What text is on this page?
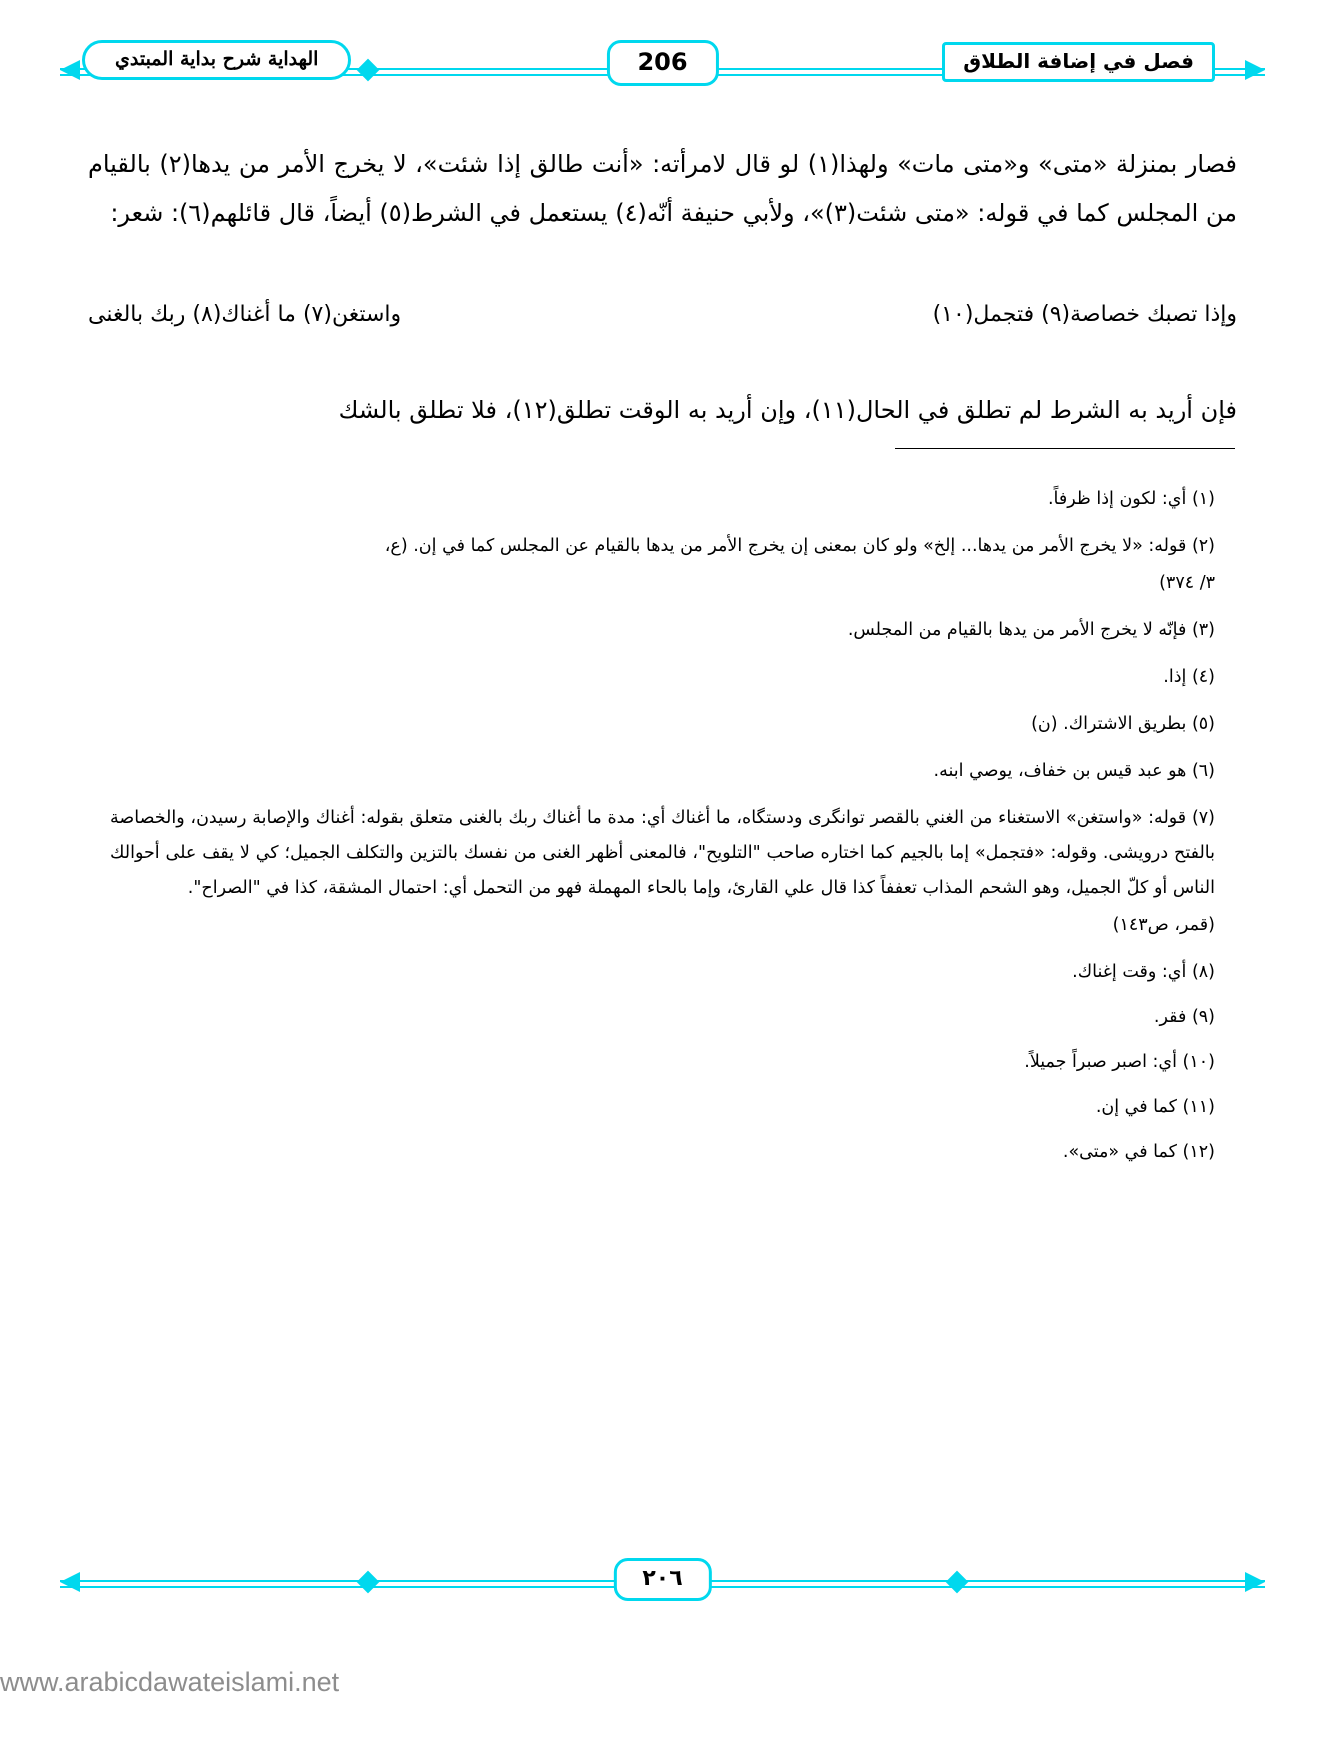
فصل في إضافة الطلاق
206
الهداية شرح بداية المبتدي

فصار بمنزلة «متى» و«متى مات» ولهذا(١) لو قال لامرأته: «أنت طالق إذا شئت»، لا يخرج الأمر من يدها(٢) بالقيام من المجلس كما في قوله: «متى شئت(٣)»، ولأبي حنيفة أنّه(٤) يستعمل في الشرط(٥) أيضاً، قال قائلهم(٦): شعر:

وإذا تصبك خصاصة(٩) فتجمل(١٠)
واستغن(٧) ما أغناك(٨) ربك بالغنى

فإن أريد به الشرط لم تطلق في الحال(١١)، وإن أريد به الوقت تطلق(١٢)، فلا تطلق بالشك

(١) أي: لكون إذا ظرفاً.
(٢) قوله: «لا يخرج الأمر من يدها... إلخ» ولو كان بمعنى إن يخرج الأمر من يدها بالقيام عن المجلس كما في إن. (ع،
٣/ ٣٧٤)
(٣) فإنّه لا يخرج الأمر من يدها بالقيام من المجلس.
(٤) إذا.
(٥) بطريق الاشتراك. (ن)
(٦) هو عبد قيس بن خفاف، يوصي ابنه.
(٧) قوله: «واستغن» الاستغناء من الغني بالقصر توانگرى ودستگاه، ما أغناك أي: مدة ما أغناك ربك بالغنى متعلق بقوله: أغناك والإصابة رسيدن، والخصاصة بالفتح درويشى. وقوله: «فتجمل» إما بالجيم كما اختاره صاحب "التلويح"، فالمعنى أظهر الغنى من نفسك بالتزين والتكلف الجميل؛ كي لا يقف على أحوالك الناس أو كلّ الجميل، وهو الشحم المذاب تعففاً كذا قال علي القارئ، وإما بالحاء المهملة فهو من التحمل أي: احتمال المشقة، كذا في "الصراح".
(قمر، ص١٤٣)
(٨) أي: وقت إغناك.
(٩) فقر.
(١٠) أي: اصبر صبراً جميلاً.
(١١) كما في إن.
(١٢) كما في «متى».
٢٠٦
www.arabicdawateislami.net
